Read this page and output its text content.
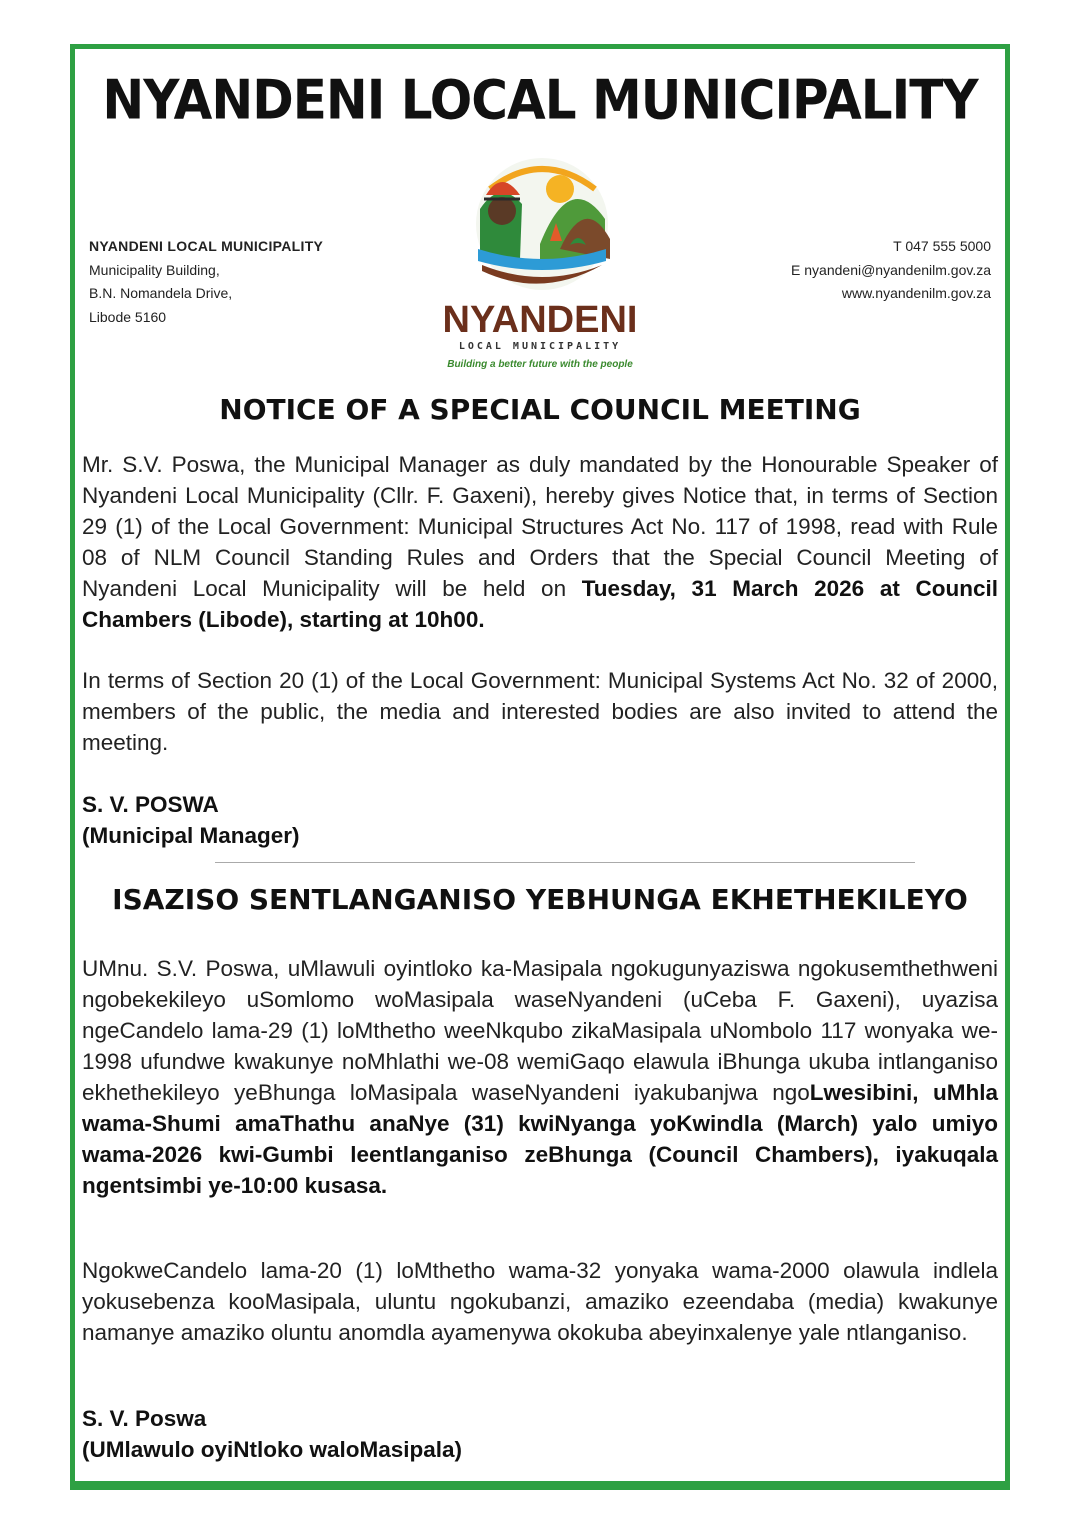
NYANDENI LOCAL MUNICIPALITY
NYANDENI LOCAL MUNICIPALITY
Municipality Building,
B.N. Nomandela Drive,
Libode 5160	NYANDENI
LOCAL MUNICIPALITY
Building a better future with the people
T 047 555 5000
E nyandeni@nyandenilm.gov.za
www.nyandenilm.gov.za
NOTICE OF A SPECIAL COUNCIL MEETING
Mr. S.V. Poswa, the Municipal Manager as duly mandated by the Honourable Speaker of Nyandeni Local Municipality (Cllr. F. Gaxeni), hereby gives Notice that, in terms of Section 29 (1) of the Local Government: Municipal Structures Act No. 117 of 1998, read with Rule 08 of NLM Council Standing Rules and Orders that the Special Council Meeting of Nyandeni Local Municipality will be held on Tuesday, 31 March 2026 at Council Chambers (Libode), starting at 10h00.
In terms of Section 20 (1) of the Local Government: Municipal Systems Act No. 32 of 2000, members of the public, the media and interested bodies are also invited to attend the meeting.
S. V. POSWA
(Municipal Manager)
ISAZISO SENTLANGANISO YEBHUNGA EKHETHEKILEYO
UMnu. S.V. Poswa, uMlawuli oyintloko ka-Masipala ngokugunyaziswa ngokusemthethweni ngobekekileyo uSomlomo woMasipala waseNyandeni (uCeba F. Gaxeni), uyazisa ngeCandelo lama-29 (1) loMthetho weeNkqubo zikaMasipala uNombolo 117 wonyaka we-1998 ufundwe kwakunye noMhlathi we-08 wemiGaqo elawula iBhunga ukuba intlanganiso ekhethekileyo yeBhunga loMasipala waseNyandeni iyakubanjwa ngoLwesibini, uMhla wama-Shumi amaThathu anaNye (31) kwiNyanga yoKwindla (March) yalo umiyo wama-2026 kwi-Gumbi leentlanganiso zeBhunga (Council Chambers), iyakuqala ngentsimbi ye-10:00 kusasa.
NgokweCandelo lama-20 (1) loMthetho wama-32 yonyaka wama-2000 olawula indlela yokusebenza kooMasipala, uluntu ngokubanzi, amaziko ezeendaba (media) kwakunye namanye amaziko oluntu anomdla ayamenywa okokuba abeyinxalenye yale ntlanganiso.
S. V. Poswa
(UMlawulo oyiNtloko waloMasipala)
